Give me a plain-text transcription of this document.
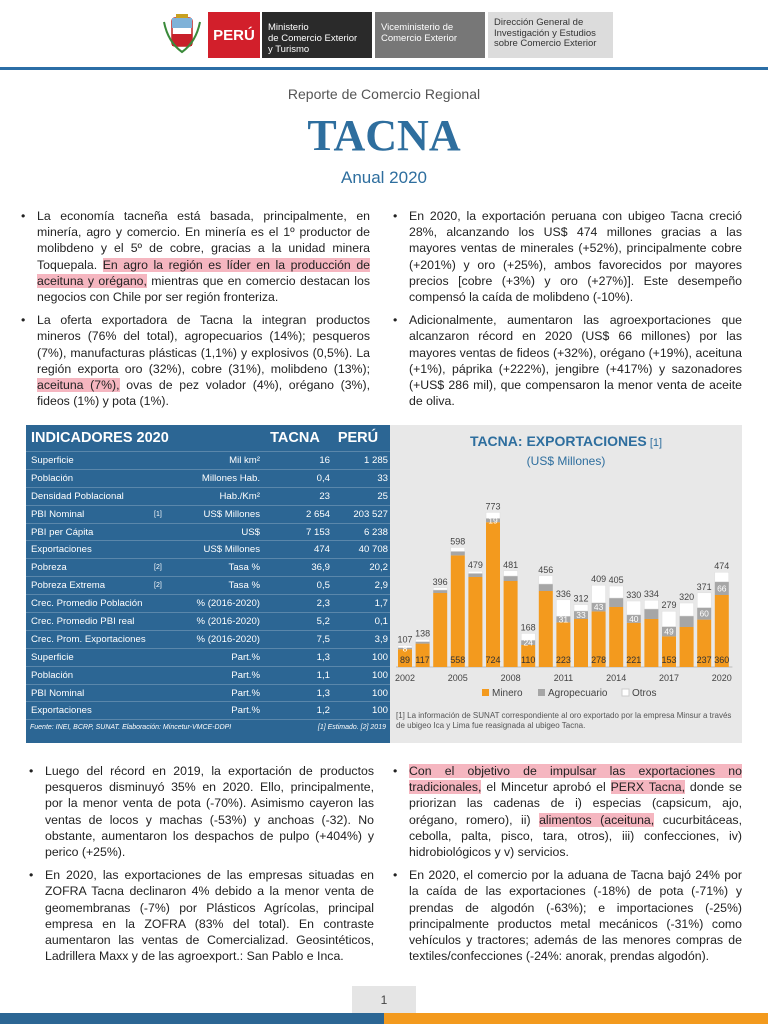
PERÚ	Ministerio
de Comercio Exterior
y Turismo
Viceministerio de
Comercio Exterior
Dirección General de
Investigación y Estudios
sobre Comercio Exterior
Reporte de Comercio Regional
TACNA
Anual 2020
• La economía tacneña está basada, principalmente, en minería, agro y comercio. En minería es el 1º productor de molibdeno y el 5º de cobre, gracias a la unidad minera Toquepala. En agro la región es líder en la producción de aceituna y orégano, mientras que en comercio destacan los negocios con Chile por ser región fronteriza.
• La oferta exportadora de Tacna la integran productos mineros (76% del total), agropecuarios (14%); pesqueros (7%), manufacturas plásticas (1,1%) y explosivos (0,5%). La región exporta oro (32%), cobre (31%), molibdeno (13%); aceituna (7%), ovas de pez volador (4%), orégano (3%), fideos (1%) y pota (1%).
• En 2020, la exportación peruana con ubigeo Tacna creció 28%, alcanzando los US$ 474 millones gracias a las mayores ventas de minerales (+52%), principalmente cobre (+201%) y oro (+25%), ambos favorecidos por mayores precios [cobre (+3%) y oro (+27%)]. Este desempeño compensó la caída de molibdeno (-10%).
• Adicionalmente, aumentaron las agroexportaciones que alcanzaron récord en 2020 (US$ 66 millones) por las mayores ventas de fideos (+32%), orégano (+19%), aceituna (+1%), páprika (+222%), jengibre (+417%) y sazonadores (+US$ 286 mil), que compensaron la menor venta de aceite de oliva.
• Luego del récord en 2019, la exportación de productos pesqueros disminuyó 35% en 2020. Ello, principalmente, por la menor venta de pota (-70%). Asimismo cayeron las ventas de locos y machas (-53%) y anchoas (-32). No obstante, aumentaron los despachos de pulpo (+404%) y perico (+25%).
• En 2020, las exportaciones de las empresas situadas en ZOFRA Tacna declinaron 4% debido a la menor venta de geomembranas (-7%) por Plásticos Agrícolas, principal empresa en la ZOFRA (83% del total). En contraste aumentaron las ventas de Comercializad. Geosintéticos, Ladrillera Maxx y de las agroexport.: San Pablo e Inca.
• Con el objetivo de impulsar las exportaciones no tradicionales, el Mincetur aprobó el PERX Tacna, donde se priorizan las cadenas de i) especias (capsicum, ajo, orégano, romero), ii) alimentos (aceituna, cucurbitáceas, cebolla, palta, pisco, tara, otros), iii) confecciones, iv) hidrobiológicos y v) servicios.
• En 2020, el comercio por la aduana de Tacna bajó 24% por la caída de las exportaciones (-18%) de pota (-71%) y prendas de algodón (-63%); e importaciones (-25%) principalmente productos metal mecánicos (-31%) como vehículos y tractores; además de las menores compras de textiles/confecciones (-24%: anorak, prendas algodón).
INDICADORES 2020	TACNA	PERÚ
Superficie	Mil km²	16	1 285
Población	Millones Hab.	0,4	33
Densidad Poblacional	Hab./Km²	23	25
PBI Nominal	[1]	US$ Millones	2 654	203 527
PBI per Cápita	US$	7 153	6 238
Exportaciones	US$ Millones	474	40 708
Pobreza	[2]	Tasa %	36,9	20,2
Pobreza Extrema	[2]	Tasa %	0,5	2,9
Crec. Promedio Población	% (2016-2020)	2,3	1,7
Crec. Promedio PBI real	% (2016-2020)	5,2	0,1
Crec. Prom. Exportaciones	% (2016-2020)	7,5	3,9
Superficie	Part.%	1,3	100
Población	Part.%	1,1	100
PBI Nominal	Part.%	1,3	100
Exportaciones	Part.%	1,2	100
Fuente: INEI, BCRP, SUNAT. Elaboración: Mincetur-VMCE-DDPI	[1] Estimado. [2] 2019
TACNA: EXPORTACIONES [1]
(US$ Millones)
107
89
8
138
117
396
598
558
479
773
724
19
481
168
110
24
456
336
223
31
312
33
409
278
43
405
330
221
40
334
279
153
49
320
371
237
60
474
360
66
2002	2005	2008	2011	2014	2017	2020
Minero	Agropecuario Otros
[1] La información de SUNAT correspondiente al oro exportado por la empresa Minsur a través de ubigeo Ica y Lima fue reasignada al ubigeo Tacna.
1
